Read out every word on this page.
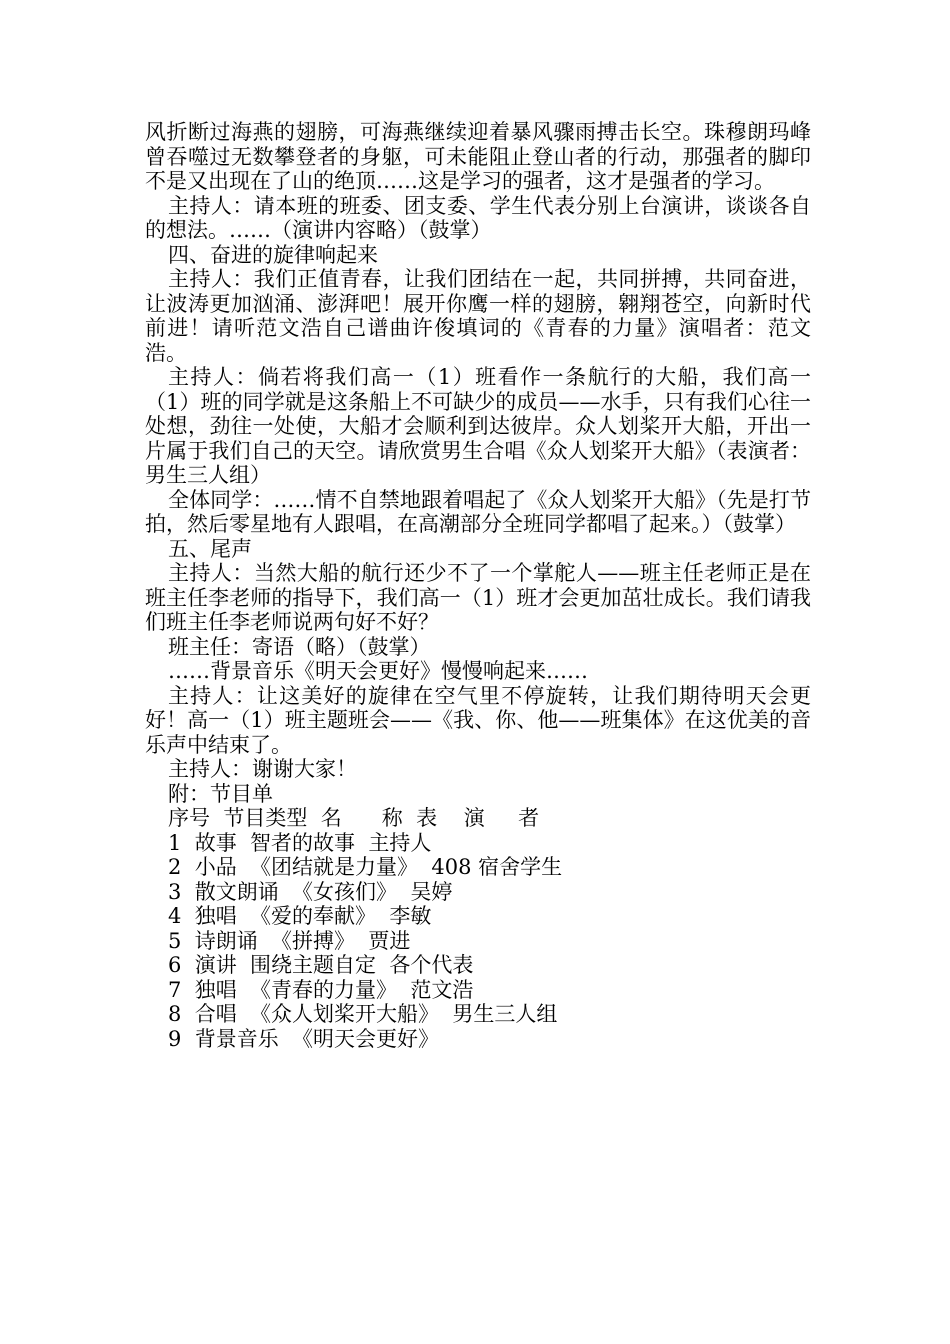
风折断过海燕的翅膀，可海燕继续迎着暴风骤雨搏击长空。珠穆朗玛峰曾吞噬过无数攀登者的身躯，可未能阻止登山者的行动，那强者的脚印不是又出现在了山的绝顶……这是学习的强者，这才是强者的学习。

主持人：请本班的班委、团支委、学生代表分别上台演讲，谈谈各自的想法。……（演讲内容略）（鼓掌）

四、奋进的旋律响起来

主持人：我们正值青春，让我们团结在一起，共同拼搏，共同奋进，让波涛更加汹涌、澎湃吧！展开你鹰一样的翅膀，翱翔苍空，向新时代前进！请听范文浩自己谱曲许俊填词的《青春的力量》演唱者：范文浩。

主持人：倘若将我们高一（1）班看作一条航行的大船，我们高一（1）班的同学就是这条船上不可缺少的成员——水手，只有我们心往一处想，劲往一处使，大船才会顺利到达彼岸。众人划桨开大船，开出一片属于我们自己的天空。请欣赏男生合唱《众人划桨开大船》（表演者：男生三人组）

全体同学：……情不自禁地跟着唱起了《众人划桨开大船》（先是打节拍，然后零星地有人跟唱，在高潮部分全班同学都唱了起来。）（鼓掌）

五、尾声

主持人：当然大船的航行还少不了一个掌舵人——班主任老师正是在班主任李老师的指导下，我们高一（1）班才会更加茁壮成长。我们请我们班主任李老师说两句好不好？

班主任：寄语（略）（鼓掌）

……背景音乐《明天会更好》慢慢响起来……

主持人：让这美好的旋律在空气里不停旋转，让我们期待明天会更好！高一（1）班主题班会——《我、你、他——班集体》在这优美的音乐声中结束了。

主持人：谢谢大家！

附：节目单

序号  节目类型  名      称  表    演     者

1  故事  智者的故事  主持人

2  小品  《团结就是力量》  408 宿舍学生

3  散文朗诵  《女孩们》  吴婷

4  独唱  《爱的奉献》  李敏

5  诗朗诵  《拼搏》  贾进

6  演讲  围绕主题自定  各个代表

7  独唱  《青春的力量》  范文浩

8  合唱  《众人划桨开大船》  男生三人组

9  背景音乐  《明天会更好》
